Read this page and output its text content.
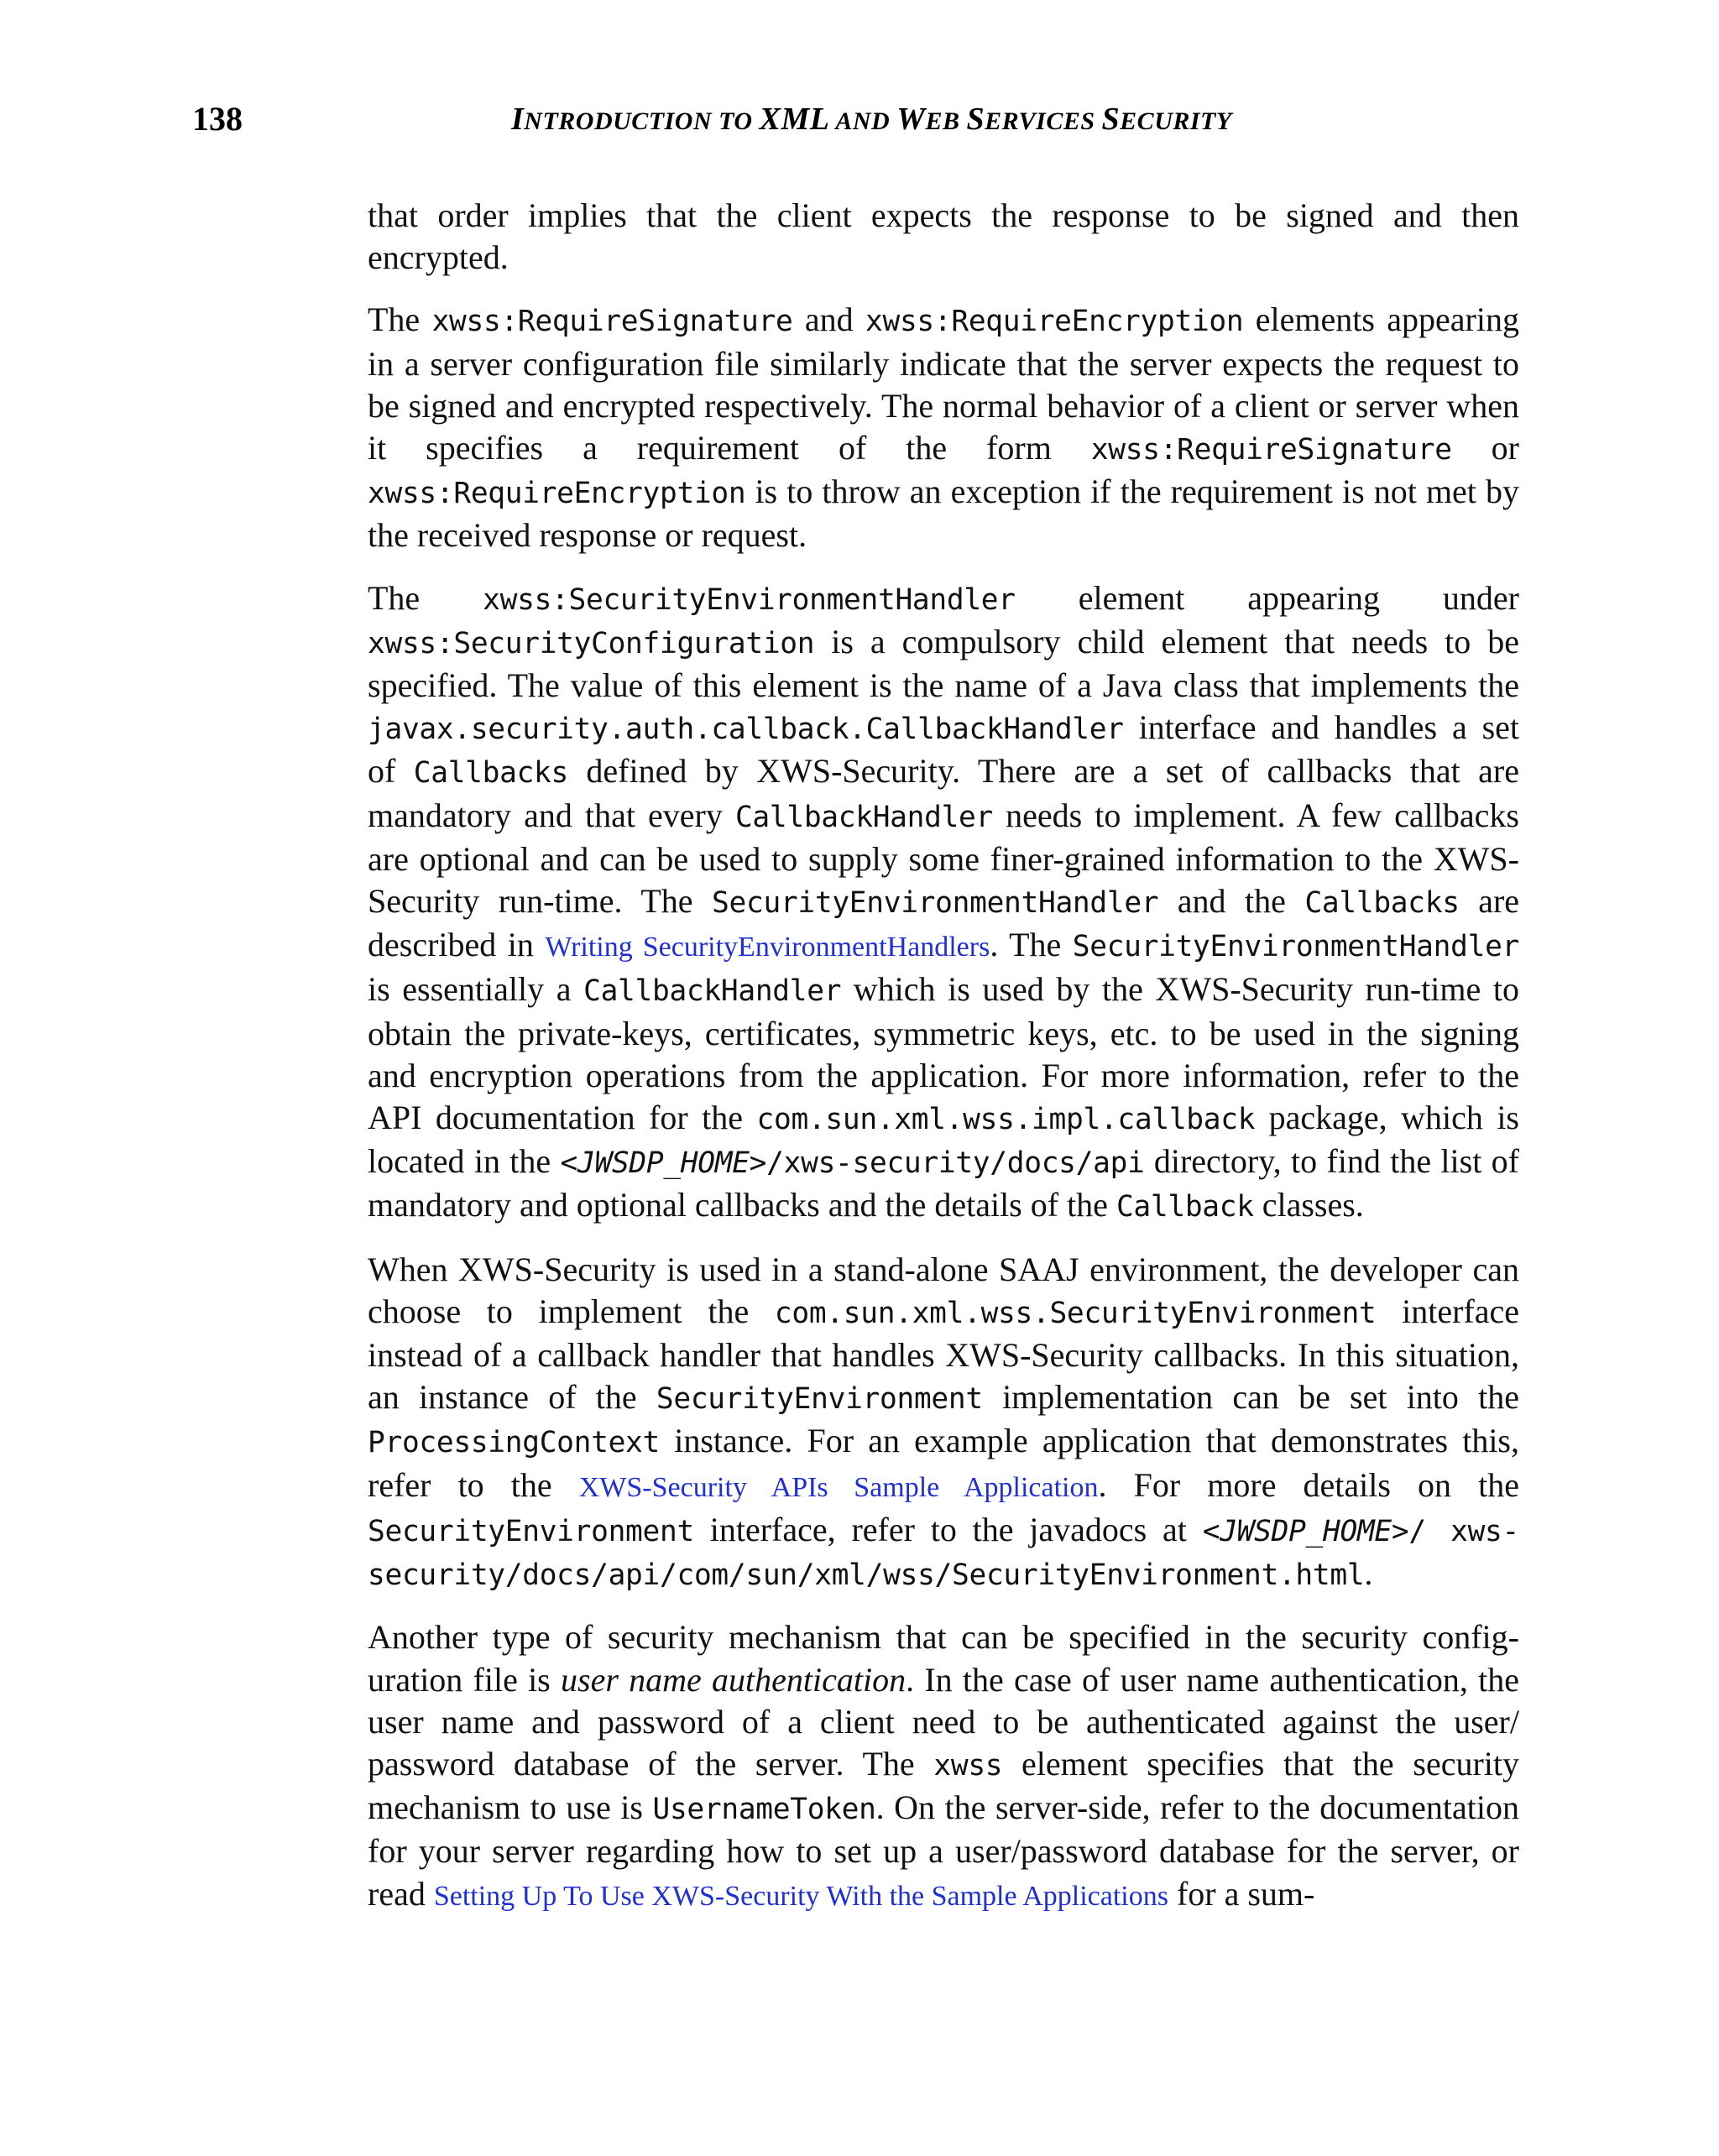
138	INTRODUCTION TO XML AND WEB SERVICES SECURITY

that order implies that the client expects the response to be signed and then encrypted.

The xwss:RequireSignature and xwss:RequireEncryption elements appearing in a server configuration file similarly indicate that the server expects the request to be signed and encrypted respectively. The normal behavior of a client or server when it specifies a requirement of the form xwss:RequireSignature or xwss:RequireEncryption is to throw an exception if the requirement is not met by the received response or request.

The xwss:SecurityEnvironmentHandler element appearing under xwss:SecurityConfiguration is a compulsory child element that needs to be specified. The value of this element is the name of a Java class that implements the javax.security.auth.callback.CallbackHandler interface and handles a set of Callbacks defined by XWS-Security. There are a set of callbacks that are mandatory and that every CallbackHandler needs to implement. A few callbacks are optional and can be used to supply some finer-grained information to the XWS-Security run-time. The SecurityEnvironmentHandler and the Callbacks are described in Writing SecurityEnvironmentHandlers. The SecurityEnvironmentHandler is essentially a CallbackHandler which is used by the XWS-Security run-time to obtain the private-keys, certificates, symmetric keys, etc. to be used in the signing and encryption operations from the application. For more information, refer to the API documentation for the com.sun.xml.wss.impl.callback package, which is located in the <JWSDP_HOME>/xws-security/docs/api directory, to find the list of mandatory and optional callbacks and the details of the Callback classes.

When XWS-Security is used in a stand-alone SAAJ environment, the developer can choose to implement the com.sun.xml.wss.SecurityEnvironment interface instead of a callback handler that handles XWS-Security callbacks. In this situation, an instance of the SecurityEnvironment implementation can be set into the ProcessingContext instance. For an example application that demonstrates this, refer to the XWS-Security APIs Sample Application. For more details on the SecurityEnvironment interface, refer to the javadocs at <JWSDP_HOME>/ xws-security/docs/api/com/sun/xml/wss/SecurityEnvironment.html.

Another type of security mechanism that can be specified in the security configuration file is user name authentication. In the case of user name authentication, the user name and password of a client need to be authenticated against the user/ password database of the server. The xwss element specifies that the security mechanism to use is UsernameToken. On the server-side, refer to the documentation for your server regarding how to set up a user/password database for the server, or read Setting Up To Use XWS-Security With the Sample Applications for a sum-
